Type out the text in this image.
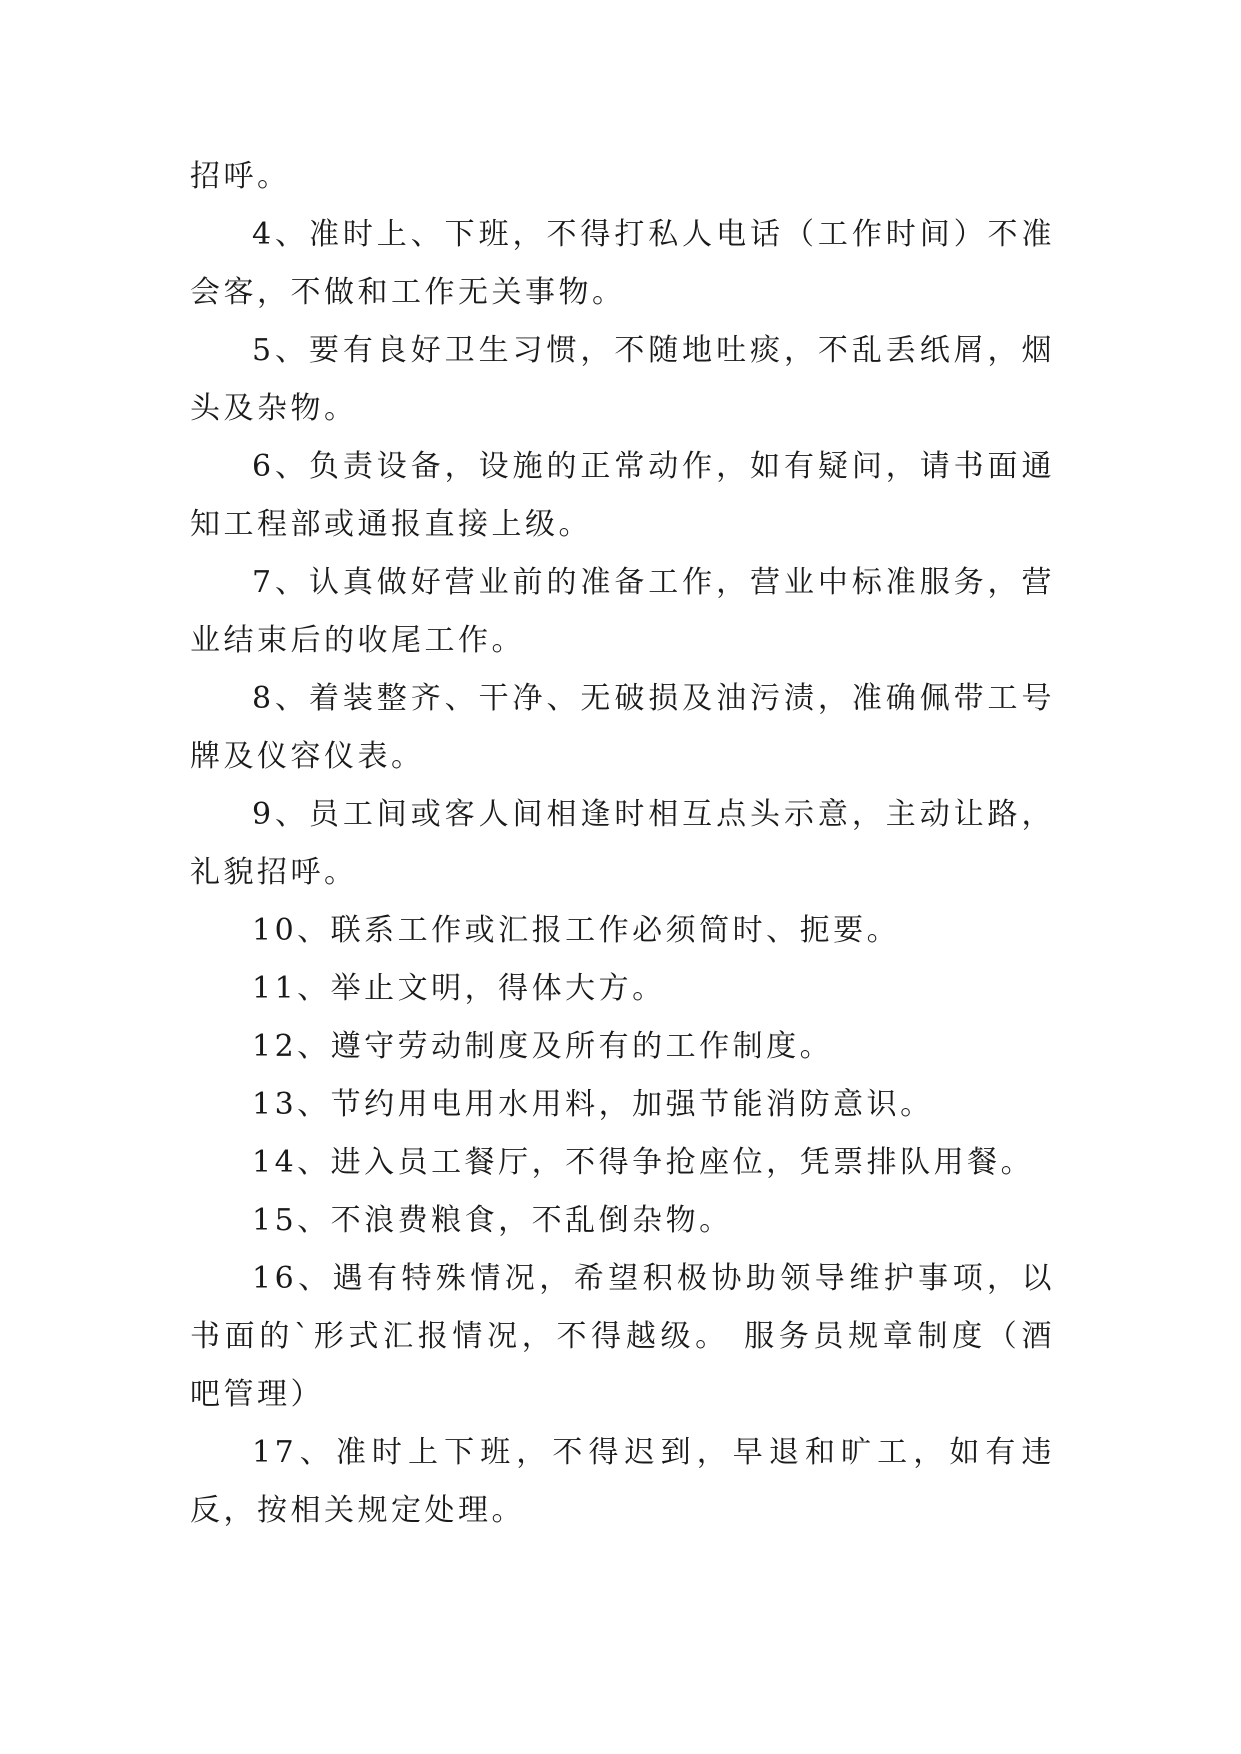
招呼。

4、准时上、下班，不得打私人电话（工作时间）不准会客，不做和工作无关事物。

5、要有良好卫生习惯，不随地吐痰，不乱丢纸屑，烟头及杂物。

6、负责设备，设施的正常动作，如有疑问，请书面通知工程部或通报直接上级。

7、认真做好营业前的准备工作，营业中标准服务，营业结束后的收尾工作。

8、着装整齐、干净、无破损及油污渍，准确佩带工号牌及仪容仪表。

9、员工间或客人间相逢时相互点头示意，主动让路，礼貌招呼。

10、联系工作或汇报工作必须简时、扼要。

11、举止文明，得体大方。

12、遵守劳动制度及所有的工作制度。

13、节约用电用水用料，加强节能消防意识。

14、进入员工餐厅，不得争抢座位，凭票排队用餐。

15、不浪费粮食，不乱倒杂物。

16、遇有特殊情况，希望积极协助领导维护事项，以书面的`形式汇报情况，不得越级。 服务员规章制度（酒吧管理）

17、准时上下班，不得迟到，早退和旷工，如有违反，按相关规定处理。
